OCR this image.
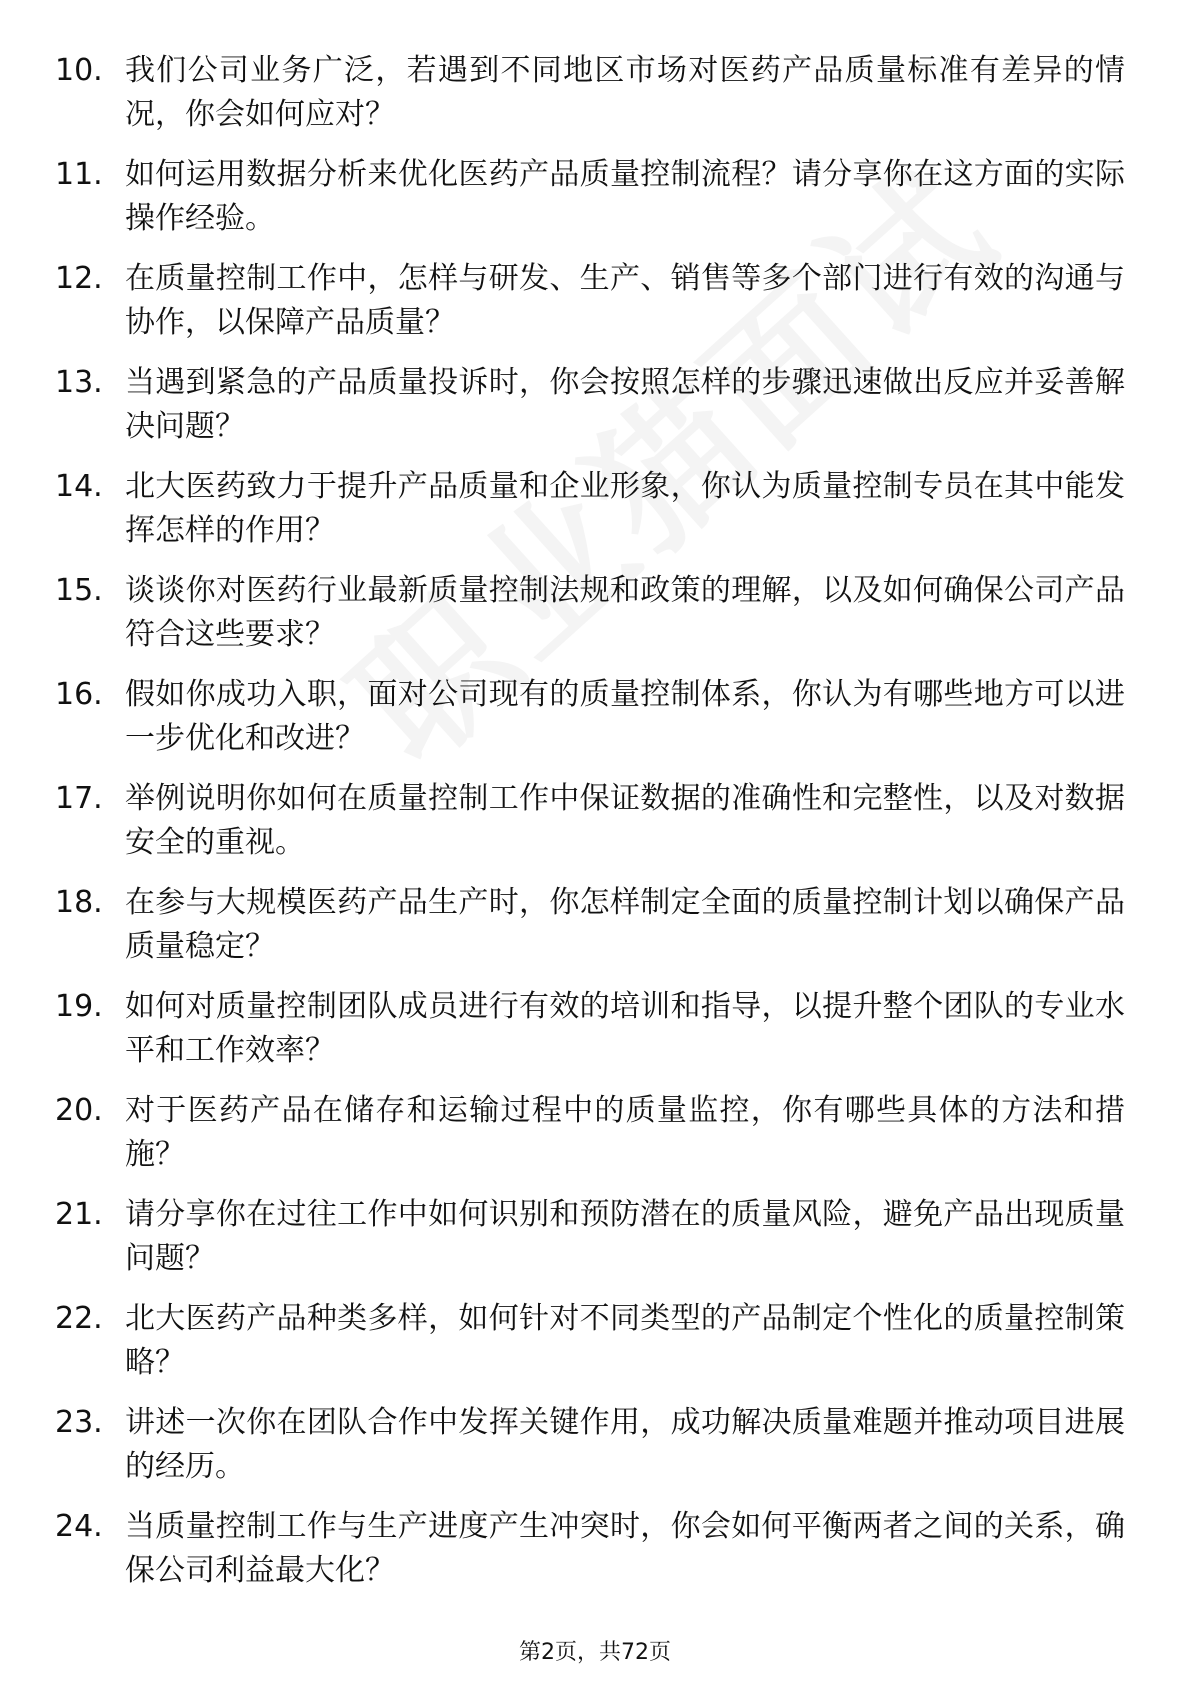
10. 我们公司业务广泛，若遇到不同地区市场对医药产品质量标准有差异的情况，你会如何应对？
11. 如何运用数据分析来优化医药产品质量控制流程？请分享你在这方面的实际操作经验。
12. 在质量控制工作中，怎样与研发、生产、销售等多个部门进行有效的沟通与协作，以保障产品质量？
13. 当遇到紧急的产品质量投诉时，你会按照怎样的步骤迅速做出反应并妥善解决问题？
14. 北大医药致力于提升产品质量和企业形象，你认为质量控制专员在其中能发挥怎样的作用？
15. 谈谈你对医药行业最新质量控制法规和政策的理解，以及如何确保公司产品符合这些要求？
16. 假如你成功入职，面对公司现有的质量控制体系，你认为有哪些地方可以进一步优化和改进？
17. 举例说明你如何在质量控制工作中保证数据的准确性和完整性，以及对数据安全的重视。
18. 在参与大规模医药产品生产时，你怎样制定全面的质量控制计划以确保产品质量稳定？
19. 如何对质量控制团队成员进行有效的培训和指导，以提升整个团队的专业水平和工作效率？
20. 对于医药产品在储存和运输过程中的质量监控，你有哪些具体的方法和措施？
21. 请分享你在过往工作中如何识别和预防潜在的质量风险，避免产品出现质量问题？
22. 北大医药产品种类多样，如何针对不同类型的产品制定个性化的质量控制策略？
23. 讲述一次你在团队合作中发挥关键作用，成功解决质量难题并推动项目进展的经历。
24. 当质量控制工作与生产进度产生冲突时，你会如何平衡两者之间的关系，确保公司利益最大化？
第2页，共72页
